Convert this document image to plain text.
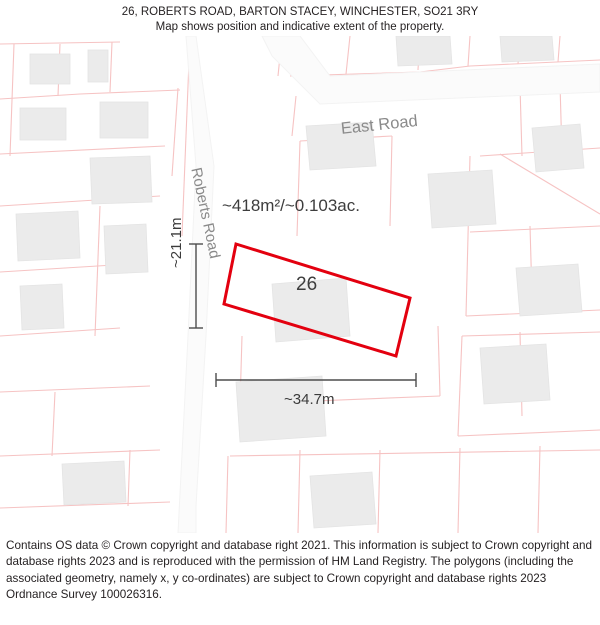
26, ROBERTS ROAD, BARTON STACEY, WINCHESTER, SO21 3RY
Map shows position and indicative extent of the property.
~418m²/~0.103ac.
26
~34.7m
~21.1m
East Road
Roberts Road
Contains OS data © Crown copyright and database right 2021. This information is subject to Crown copyright and database rights 2023 and is reproduced with the permission of HM Land Registry. The polygons (including the associated geometry, namely x, y co-ordinates) are subject to Crown copyright and database rights 2023 Ordnance Survey 100026316.
